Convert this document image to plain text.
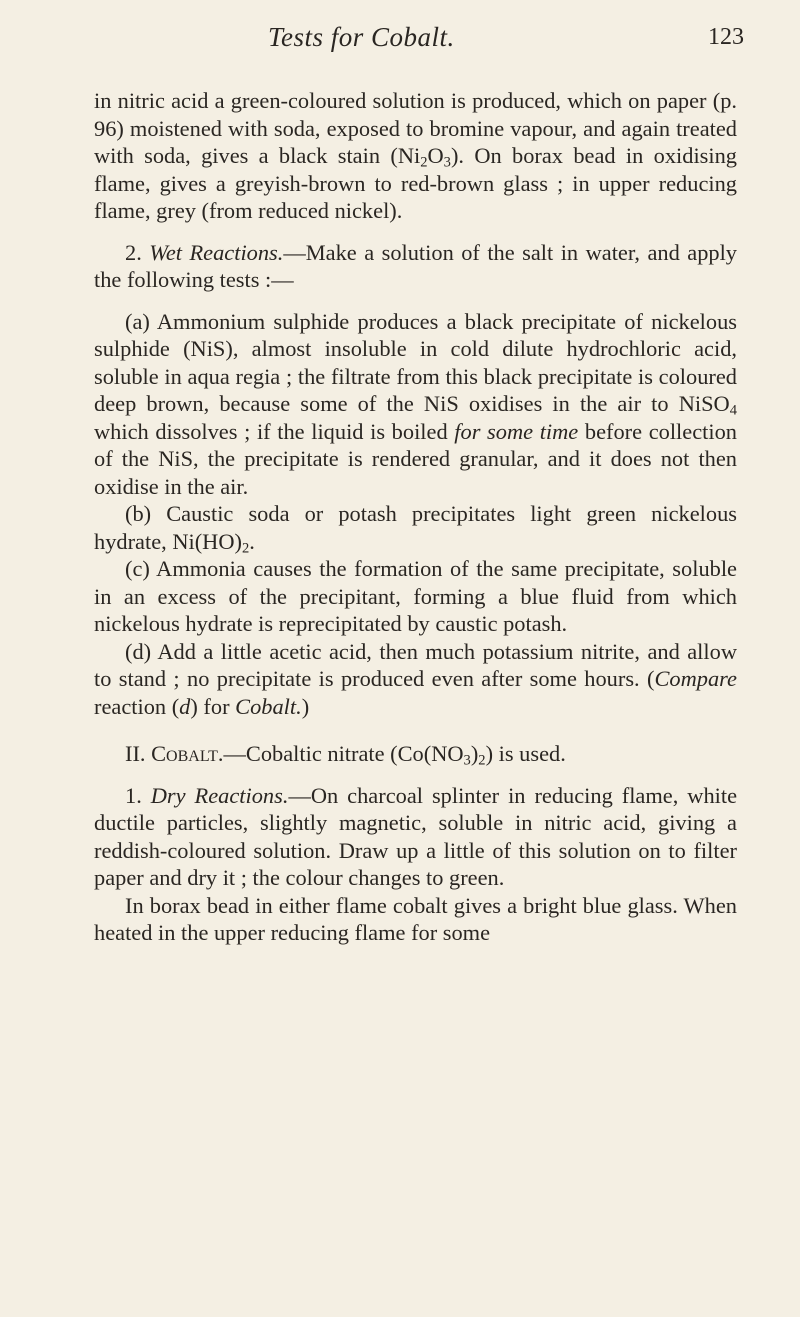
Tests for Cobalt.	123

in nitric acid a green-coloured solution is produced, which on paper (p. 96) moistened with soda, exposed to bromine vapour, and again treated with soda, gives a black stain $(Ni_2O_3)$. On borax bead in oxidising flame, gives a greyish-brown to red-brown glass ; in upper reducing flame, grey (from reduced nickel).

2. Wet Reactions.—Make a solution of the salt in water, and apply the following tests :—

(a) Ammonium sulphide produces a black precipitate of nickelous sulphide (NiS), almost insoluble in cold dilute hydrochloric acid, soluble in aqua regia ; the filtrate from this black precipitate is coloured deep brown, because some of the NiS oxidises in the air to NiSO$_4$ which dissolves ; if the liquid is boiled for some time before collection of the NiS, the precipitate is rendered granular, and it does not then oxidise in the air.

(b) Caustic soda or potash precipitates light green nickelous hydrate, $Ni(HO)_2$.

(c) Ammonia causes the formation of the same precipitate, soluble in an excess of the precipitant, forming a blue fluid from which nickelous hydrate is reprecipitated by caustic potash.

(d) Add a little acetic acid, then much potassium nitrite, and allow to stand ; no precipitate is produced even after some hours. (Compare reaction (d) for Cobalt.)

II. Cobalt.—Cobaltic nitrate $(Co(NO_3)_2)$ is used.

1. Dry Reactions.—On charcoal splinter in reducing flame, white ductile particles, slightly magnetic, soluble in nitric acid, giving a reddish-coloured solution. Draw up a little of this solution on to filter paper and dry it ; the colour changes to green.

In borax bead in either flame cobalt gives a bright blue glass. When heated in the upper reducing flame for some
